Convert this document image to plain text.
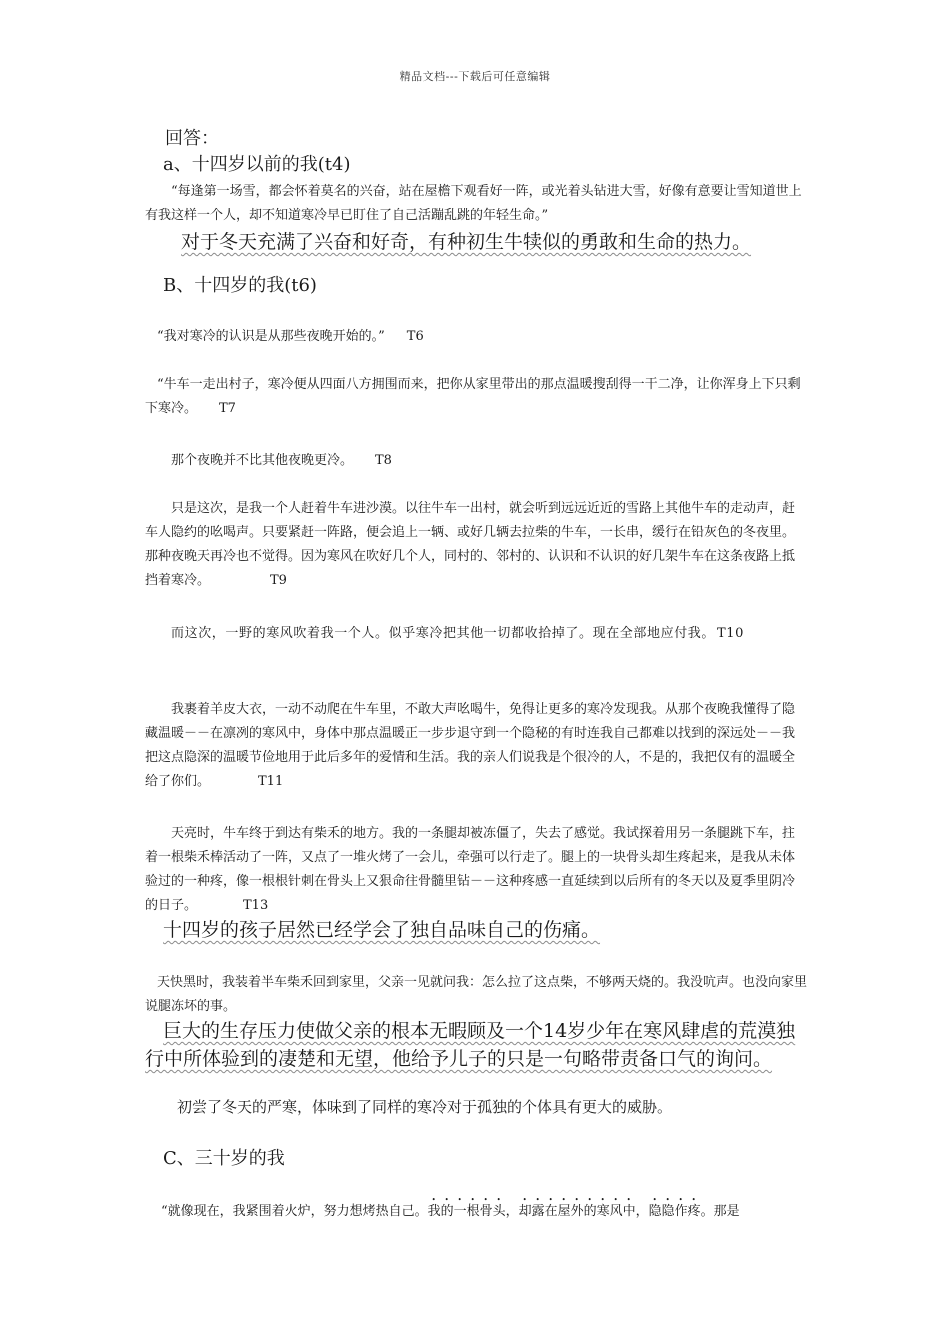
精品文档---下载后可任意编辑

回答：

a、十四岁以前的我(t4)

“每逢第一场雪，都会怀着莫名的兴奋，站在屋檐下观看好一阵，或光着头钻进大雪，好像有意要让雪知道世上有我这样一个人，却不知道寒冷早已盯住了自己活蹦乱跳的年轻生命。”

对于冬天充满了兴奋和好奇，有种初生牛犊似的勇敢和生命的热力。

B、十四岁的我(t6)

“我对寒冷的认识是从那些夜晚开始的。” T6

“牛车一走出村子，寒冷便从四面八方拥围而来，把你从家里带出的那点温暖搜刮得一干二净，让你浑身上下只剩下寒冷。 T7

那个夜晚并不比其他夜晚更冷。 T8

只是这次，是我一个人赶着牛车进沙漠。以往牛车一出村，就会听到远远近近的雪路上其他牛车的走动声，赶车人隐约的吆喝声。只要紧赶一阵路，便会追上一辆、或好几辆去拉柴的牛车，一长串，缓行在铅灰色的冬夜里。那种夜晚天再冷也不觉得。因为寒风在吹好几个人，同村的、邻村的、认识和不认识的好几架牛车在这条夜路上抵挡着寒冷。	T9

而这次，一野的寒风吹着我一个人。似乎寒冷把其他一切都收拾掉了。现在全部地应付我。 T10

我裹着羊皮大衣，一动不动爬在牛车里，不敢大声吆喝牛，免得让更多的寒冷发现我。从那个夜晚我懂得了隐藏温暖－－在凛冽的寒风中，身体中那点温暖正一步步退守到一个隐秘的有时连我自己都难以找到的深远处－－我把这点隐深的温暖节俭地用于此后多年的爱情和生活。我的亲人们说我是个很冷的人，不是的，我把仅有的温暖全给了你们。	T11

天亮时，牛车终于到达有柴禾的地方。我的一条腿却被冻僵了，失去了感觉。我试探着用另一条腿跳下车，拄着一根柴禾棒活动了一阵，又点了一堆火烤了一会儿，牵强可以行走了。腿上的一块骨头却生疼起来，是我从未体验过的一种疼，像一根根针刺在骨头上又狠命往骨髓里钻－－这种疼感一直延续到以后所有的冬天以及夏季里阴冷的日子。	T13

十四岁的孩子居然已经学会了独自品味自己的伤痛。

天快黑时，我装着半车柴禾回到家里，父亲一见就问我：怎么拉了这点柴，不够两天烧的。我没吭声。也没向家里说腿冻坏的事。

巨大的生存压力使做父亲的根本无暇顾及一个14岁少年在寒风肆虐的荒漠独行中所体验到的凄楚和无望，他给予儿子的只是一句略带责备口气的询问。

初尝了冬天的严寒，体味到了同样的寒冷对于孤独的个体具有更大的威胁。

C、三十岁的我

“就像现在，我紧围着火炉，努力想烤热自己。我的一根骨头，却露在屋外的寒风中，隐隐作疼。那是
